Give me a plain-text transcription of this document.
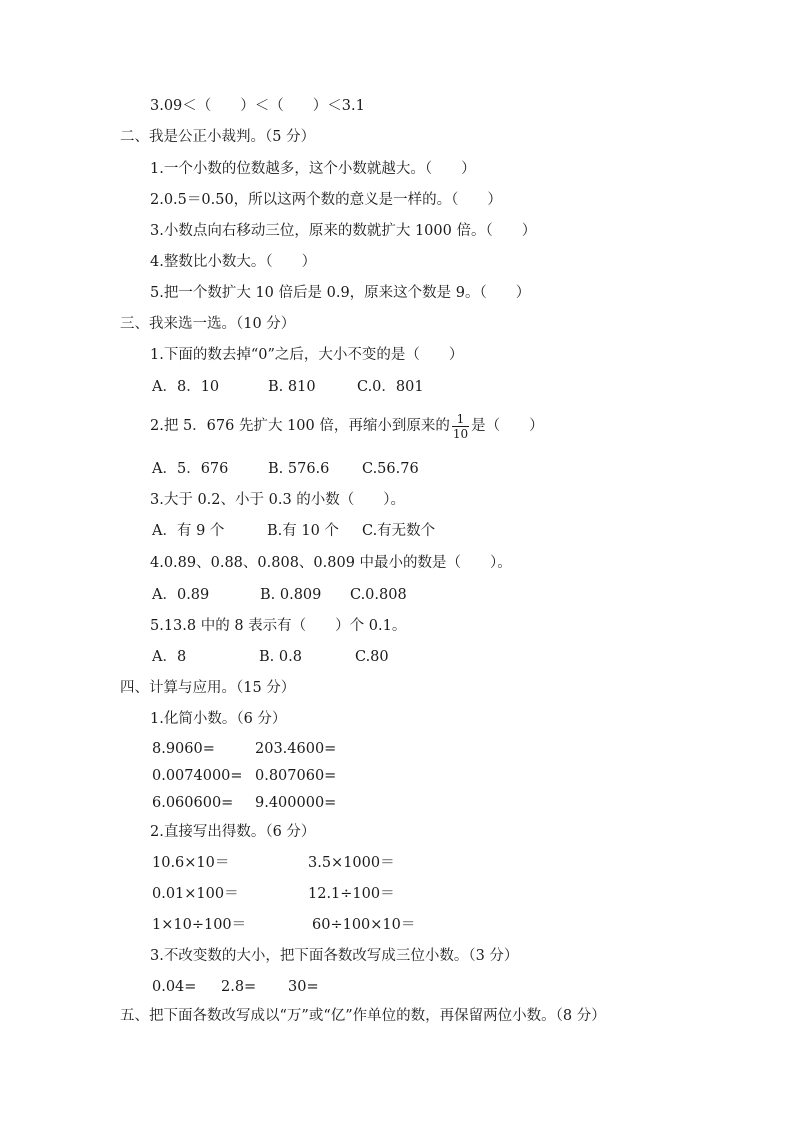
3.09＜（　　）＜（　　）＜3.1
二、我是公正小裁判。（5 分）
1.一个小数的位数越多，这个小数就越大。（　　）
2.0.5＝0.50，所以这两个数的意义是一样的。（　　）
3.小数点向右移动三位，原来的数就扩大 1000 倍。（　　）
4.整数比小数大。（　　）
5.把一个数扩大 10 倍后是 0.9，原来这个数是 9。（　　）
三、我来选一选。（10 分）
1.下面的数去掉“0”之后，大小不变的是（　　）
A．8．10	B. 810	C.0．801
2.把 5．676 先扩大 100 倍，再缩小到原来的 $\frac{1}{10}$ 是（　　）
A．5．676	B. 576.6 C.56.76
3.大于 0.2、小于 0.3 的小数（　　）。
A．有 9 个	B.有 10 个 C.有无数个
4.0.89、0.88、0.808、0.809 中最小的数是（　　）。
A．0.89	B. 0.809 C.0.808
5.13.8 中的 8 表示有（　　）个 0.1。
A．8	B. 0.8	C.80
四、计算与应用。（15 分）
1.化简小数。（6 分）
8.9060=	203.4600=
0.0074000= 0.807060=
6.060600= 9.400000=
2.直接写出得数。（6 分）
10.6×10＝	3.5×1000＝
0.01×100＝	12.1÷100＝
1×10÷100＝	60÷100×10＝
3.不改变数的大小，把下面各数改写成三位小数。（3 分）
0.04= 2.8= 30=
五、把下面各数改写成以“万”或“亿”作单位的数，再保留两位小数。（8 分）
